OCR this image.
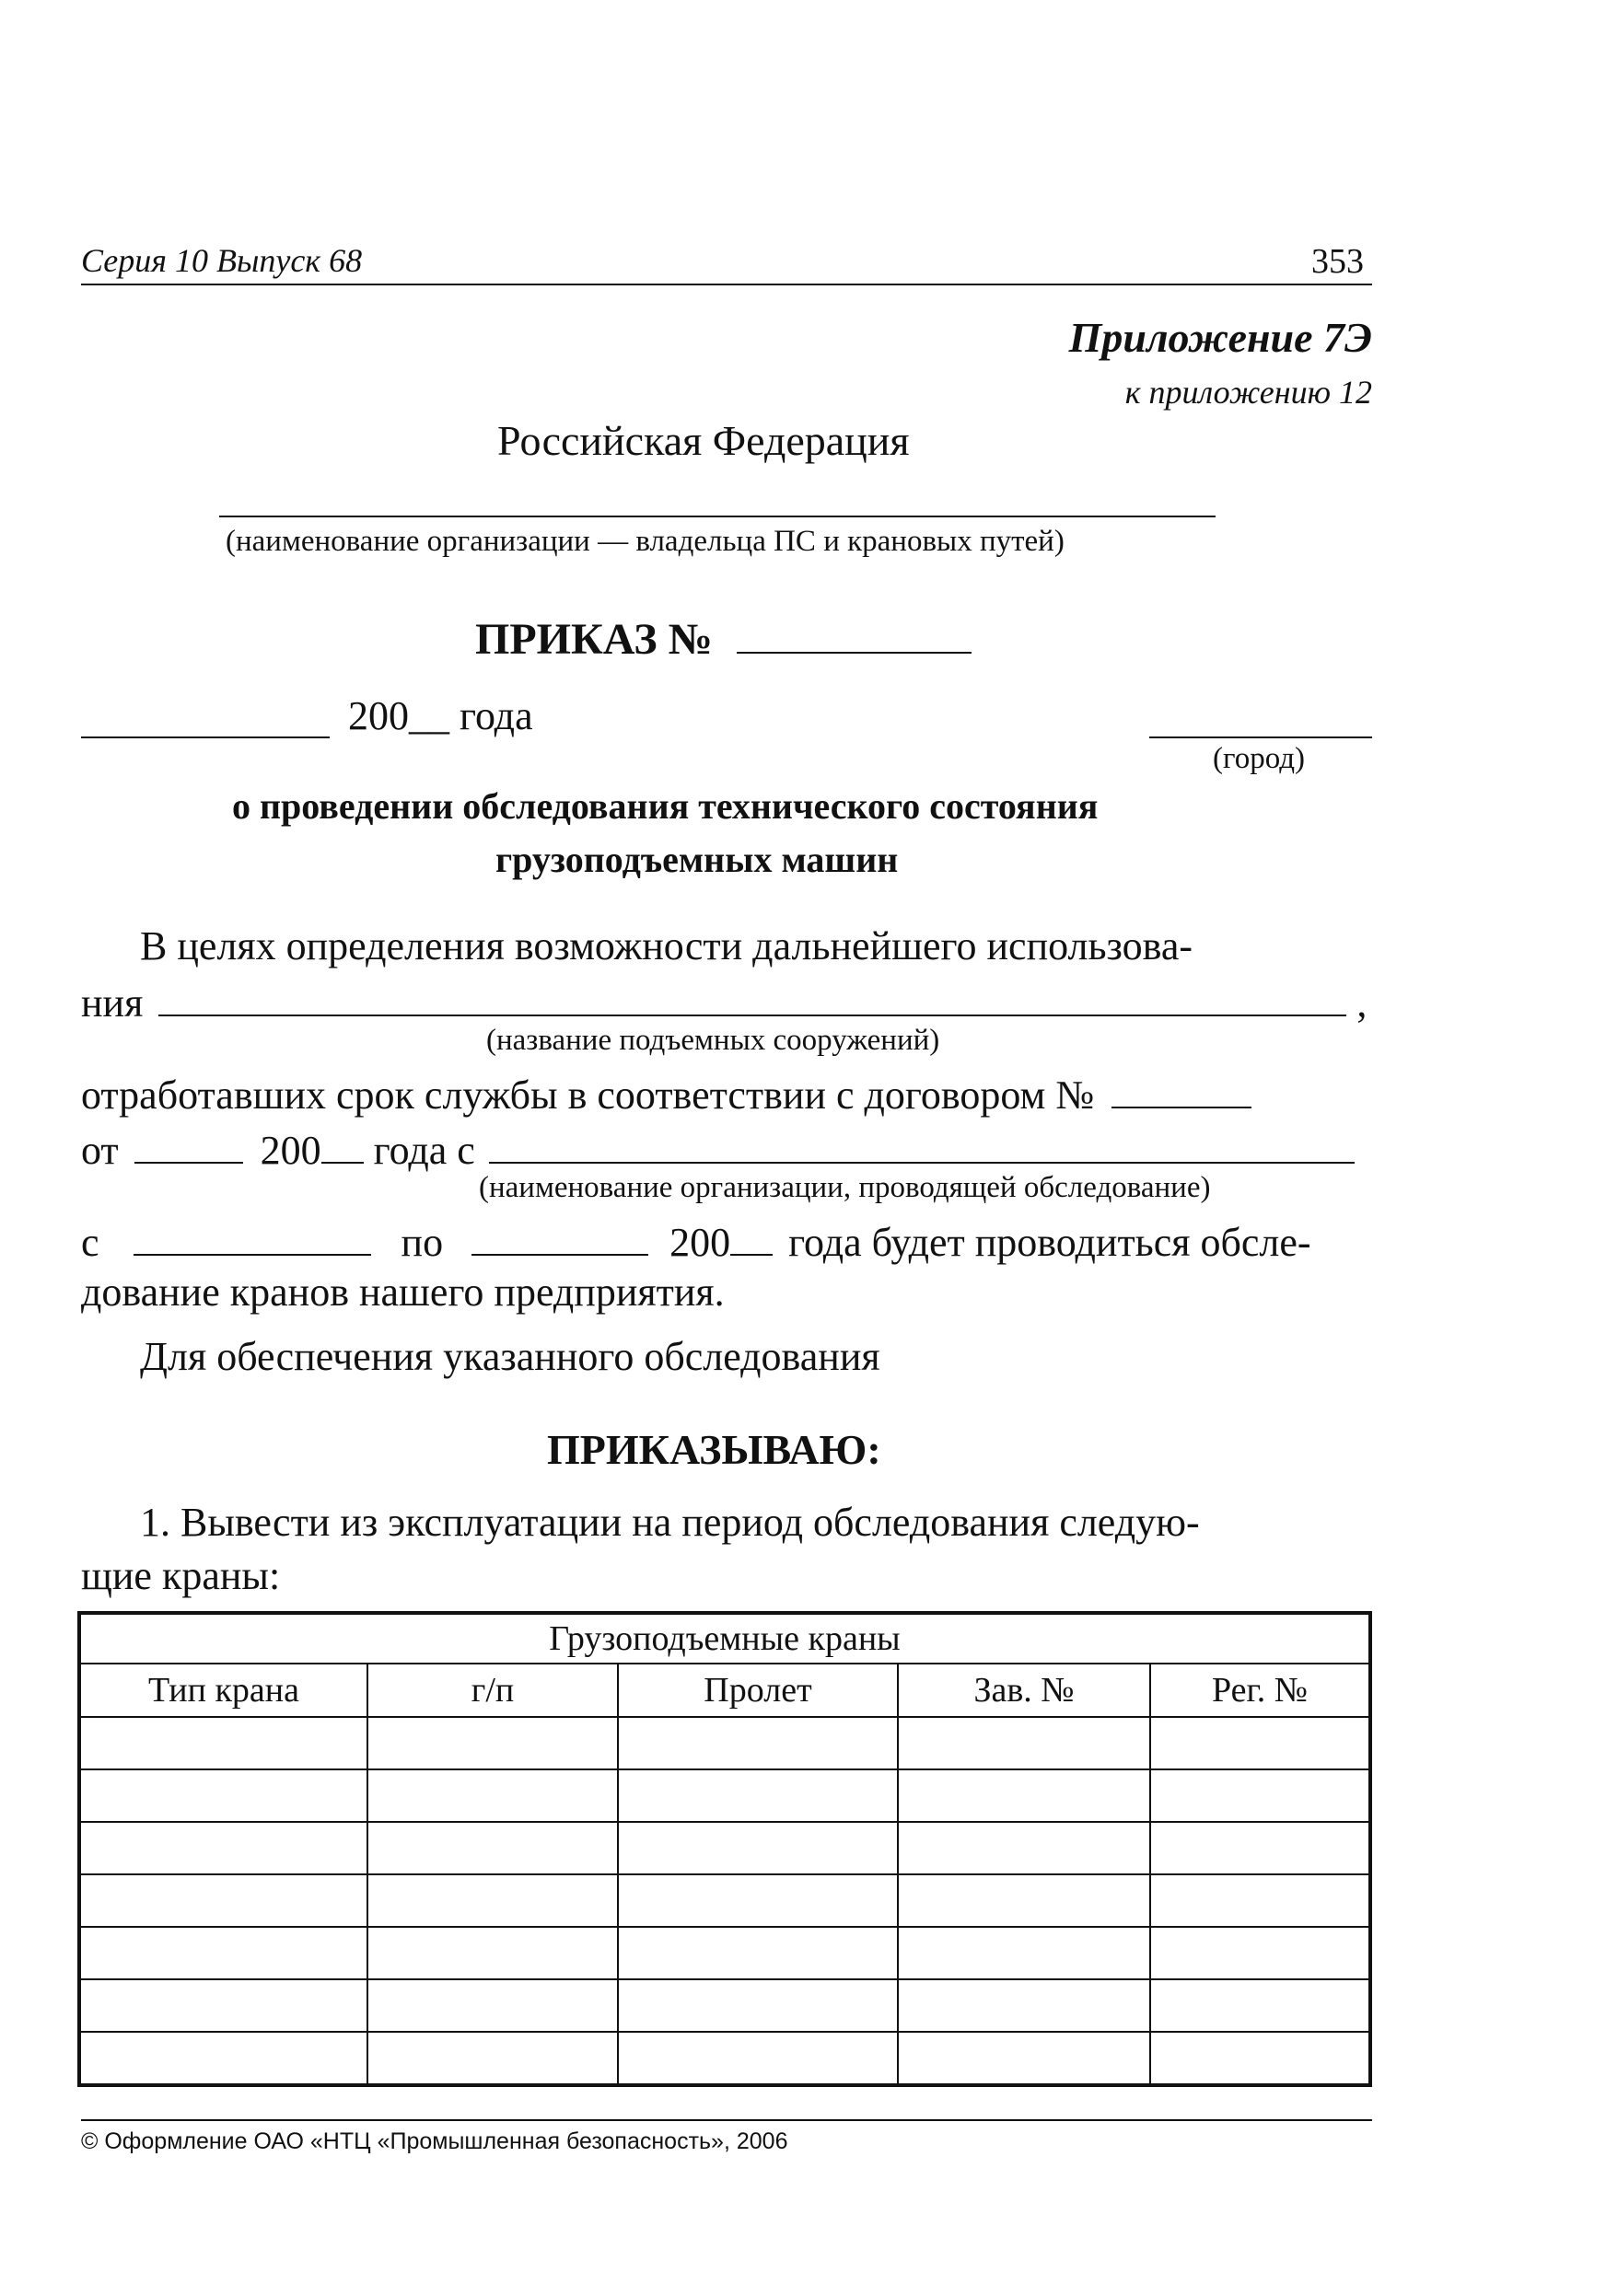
Серия 10 Выпуск 68	353
Приложение 7Э
к приложению 12
Российская Федерация
(наименование организации — владельца ПС и крановых путей)
ПРИКАЗ №
200__ года
(город)
о проведении обследования технического состояния
грузоподъемных машин
В целях определения возможности дальнейшего использова-
ния	,
(название подъемных сооружений)
отработавших срок службы в соответствии с договором №
от	200 года с
(наименование организации, проводящей обследование)
с	по	200 года будет проводиться обсле-
дование кранов нашего предприятия.
Для обеспечения указанного обследования
ПРИКАЗЫВАЮ:
1. Вывести из эксплуатации на период обследования следую-
щие краны:
Грузоподъемные краны				
Тип крана	г/п	Пролет	Зав. №	Рег. №

© Оформление ОАО «НТЦ «Промышленная безопасность», 2006
